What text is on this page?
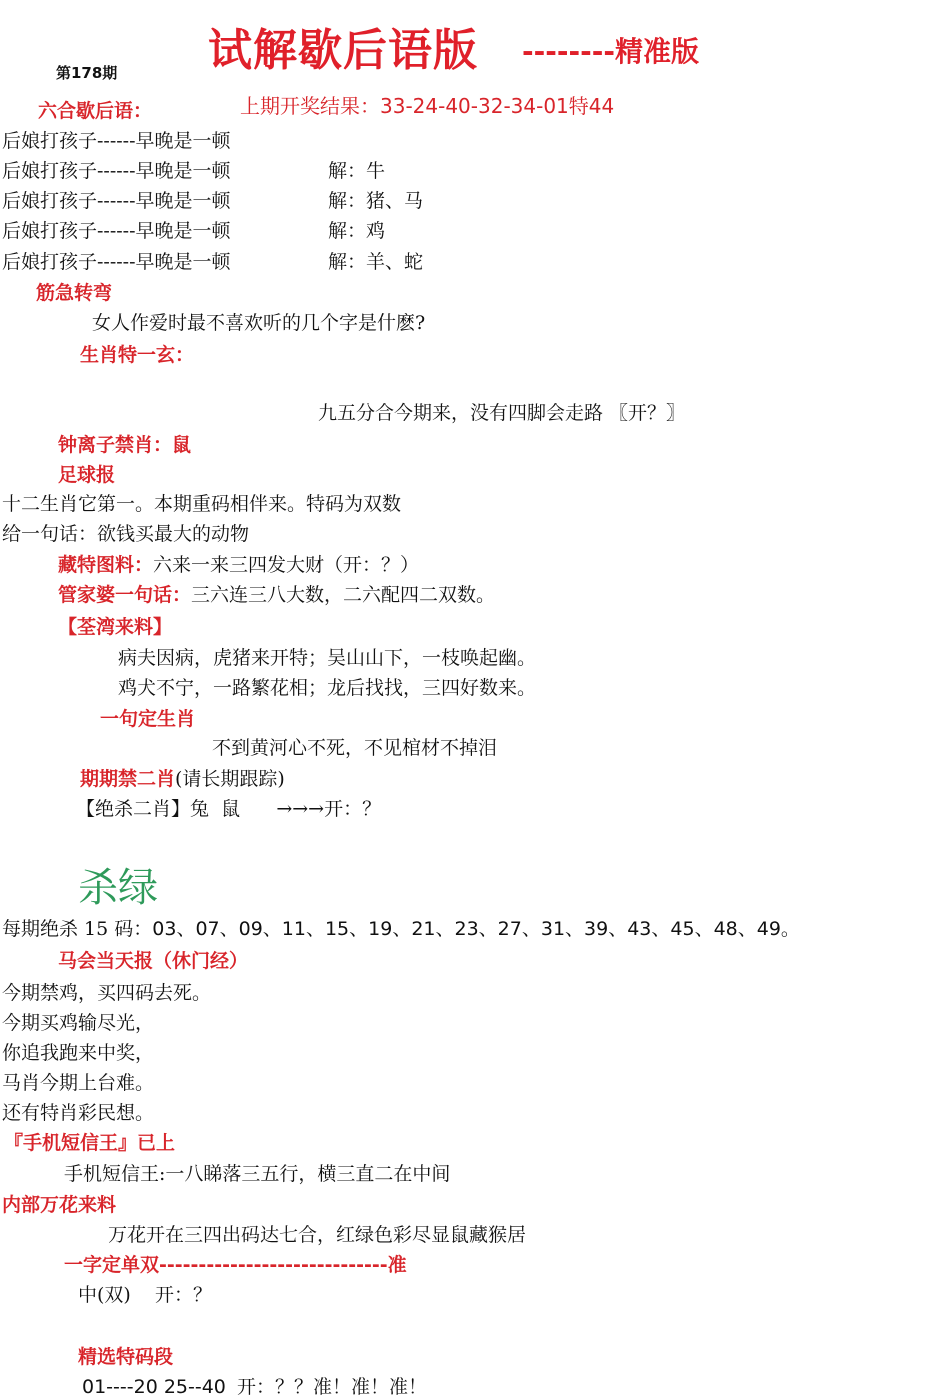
试解歇后语版 --------精准版
第178期
六合歇后语：	上期开奖结果：33-24-40-32-34-01特44
后娘打孩子------早晚是一顿
后娘打孩子------早晚是一顿	解：牛
后娘打孩子------早晚是一顿	解：猪、马
后娘打孩子------早晚是一顿	解：鸡
后娘打孩子------早晚是一顿	解：羊、蛇
筋急转弯
女人作爱时最不喜欢听的几个字是什麽?
生肖特一玄：
九五分合今期来，没有四脚会走路 〖开？〗
钟离子禁肖：鼠
足球报
十二生肖它第一。本期重码相伴来。特码为双数
给一句话：欲钱买最大的动物
藏特图料：六来一来三四发大财（开：？）
管家婆一句话：三六连三八大数，二六配四二双数。
【荃湾来料】
病夫因病，虎猪来开特；吴山山下，一枝唤起幽。
鸡犬不宁，一路繁花相；龙后找找，三四好数来。
一句定生肖
不到黄河心不死，不见棺材不掉泪
期期禁二肖(请长期跟踪)
【绝杀二肖】兔  鼠      →→→开：？
杀绿
每期绝杀 15 码：03、07、09、11、15、19、21、23、27、31、39、43、45、48、49。
马会当天报（休门经）
今期禁鸡，买四码去死。
今期买鸡输尽光，
你追我跑来中奖，
马肖今期上台难。
还有特肖彩民想。
『手机短信王』已上
手机短信王:一八睇落三五行，横三直二在中间
内部万花来料
万花开在三四出码达七合，红绿色彩尽显鼠藏猴居
一字定单双-----------------------------准
中(双)    开：？
精选特码段
01----20 25--40 开：？？准！准！准！
